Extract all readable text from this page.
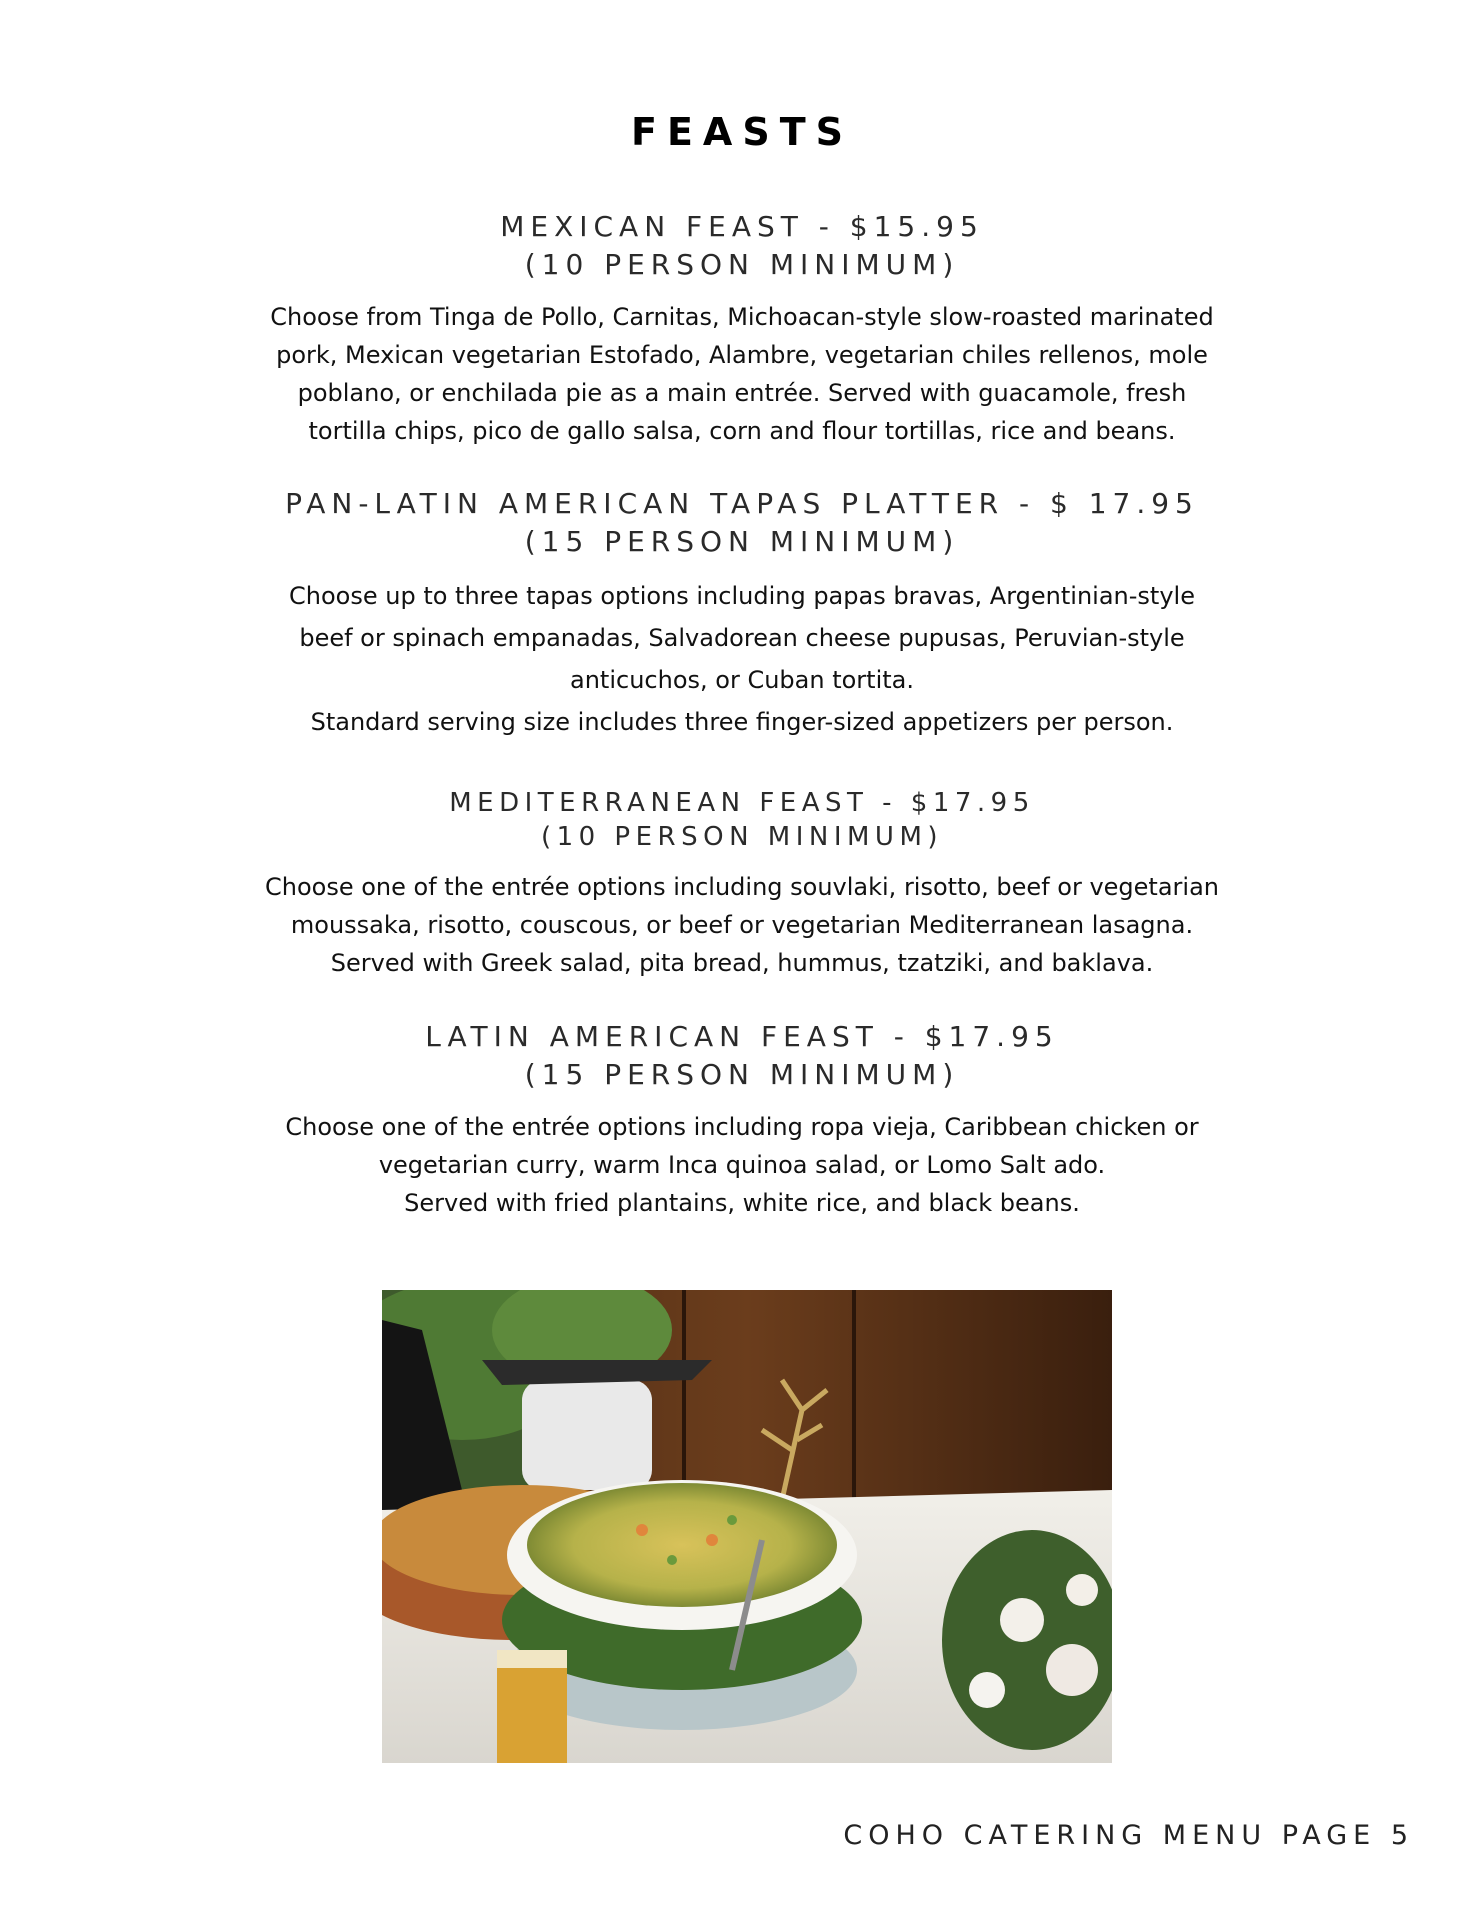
FEASTS
MEXICAN FEAST - $15.95
(10 PERSON MINIMUM)

Choose from Tinga de Pollo, Carnitas, Michoacan-style slow-roasted marinated
pork, Mexican vegetarian Estofado, Alambre, vegetarian chiles rellenos, mole
poblano, or enchilada pie as a main entrée. Served with guacamole, fresh
tortilla chips, pico de gallo salsa, corn and flour tortillas, rice and beans.

PAN-LATIN AMERICAN TAPAS PLATTER - $ 17.95
(15 PERSON MINIMUM)

Choose up to three tapas options including papas bravas, Argentinian-style
beef or spinach empanadas, Salvadorean cheese pupusas, Peruvian-style
anticuchos, or Cuban tortita.
Standard serving size includes three finger-sized appetizers per person.

MEDITERRANEAN FEAST - $17.95
(10 PERSON MINIMUM)

Choose one of the entrée options including souvlaki, risotto, beef or vegetarian
moussaka, risotto, couscous, or beef or vegetarian Mediterranean lasagna.
Served with Greek salad, pita bread, hummus, tzatziki, and baklava.

LATIN AMERICAN FEAST - $17.95
(15 PERSON MINIMUM)

Choose one of the entrée options including ropa vieja, Caribbean chicken or
vegetarian curry, warm Inca quinoa salad, or Lomo Salt ado.
Served with fried plantains, white rice, and black beans.

COHO CATERING MENU PAGE 5
